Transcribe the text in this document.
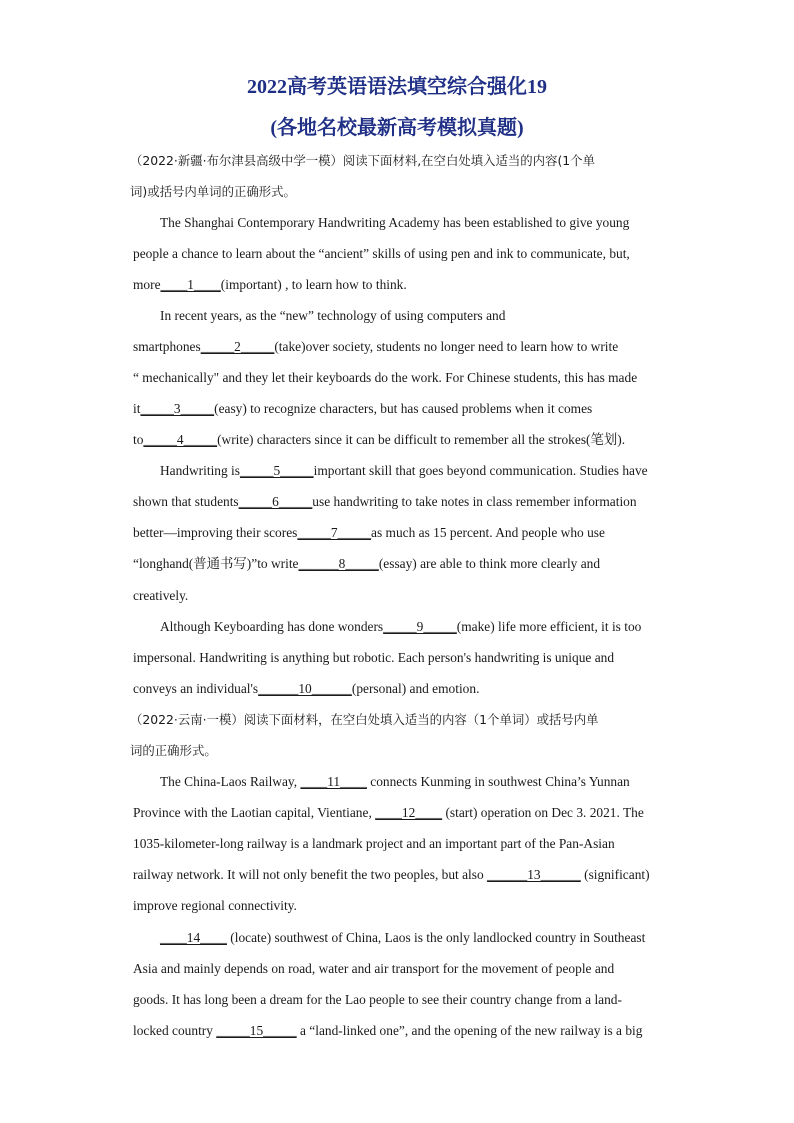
2022高考英语语法填空综合强化19
(各地名校最新高考模拟真题)
（2022·新疆·布尔津县高级中学一模）阅读下面材料,在空白处填入适当的内容(1个单
词)或括号内单词的正确形式。
The Shanghai Contemporary Handwriting Academy has been established to give young
people a chance to learn about the “ancient” skills of using pen and ink to communicate, but,
more____1____(important) , to learn how to think.
In recent years, as the “new” technology of using computers and
smartphones_____2_____(take)over society, students no longer need to learn how to write
“ mechanically" and they let their keyboards do the work. For Chinese students, this has made
it_____3_____(easy) to recognize characters, but has caused problems when it comes
to_____4_____(write) characters since it can be difficult to remember all the strokes(笔划).
Handwriting is_____5_____important skill that goes beyond communication. Studies have
shown that students_____6_____use handwriting to take notes in class remember information
better—improving their scores_____7_____as much as 15 percent. And people who use
“longhand(普通书写)”to write______8_____(essay) are able to think more clearly and
creatively.
Although Keyboarding has done wonders_____9_____(make) life more efficient, it is too
impersonal. Handwriting is anything but robotic. Each person's handwriting is unique and
conveys an individual's______10______(personal) and emotion.
（2022·云南·一模）阅读下面材料，在空白处填入适当的内容（1个单词）或括号内单
词的正确形式。
The China-Laos Railway, ____11____ connects Kunming in southwest China’s Yunnan
Province with the Laotian capital, Vientiane, ____12____ (start) operation on Dec 3. 2021. The
1035-kilometer-long railway is a landmark project and an important part of the Pan-Asian
railway network. It will not only benefit the two peoples, but also ______13______ (significant)
improve regional connectivity.
____14____ (locate) southwest of China, Laos is the only landlocked country in Southeast
Asia and mainly depends on road, water and air transport for the movement of people and
goods. It has long been a dream for the Lao people to see their country change from a land-
locked country _____15_____ a “land-linked one”, and the opening of the new railway is a big
